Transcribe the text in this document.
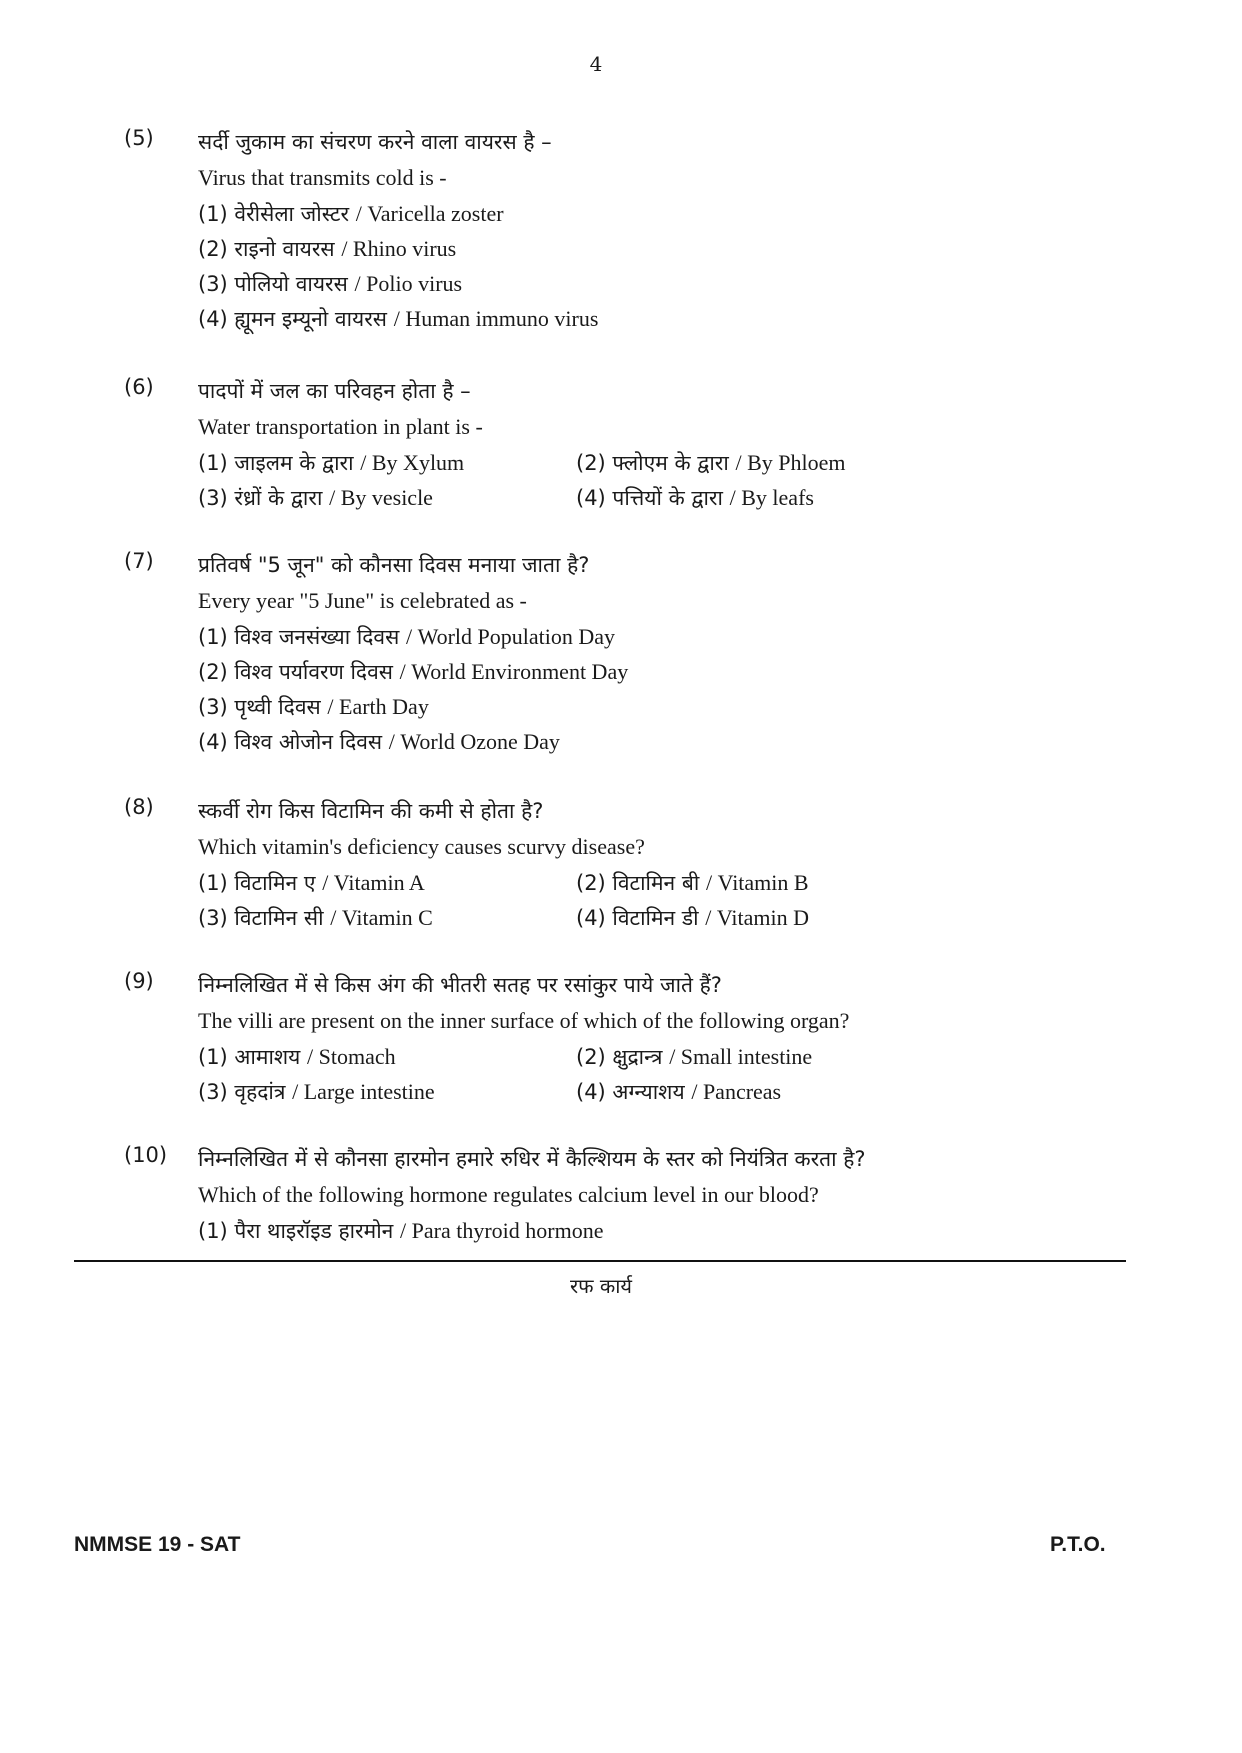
4
(5) सर्दी जुकाम का संचरण करने वाला वायरस है –
Virus that transmits cold is -
(1) वेरीसेला जोस्टर / Varicella zoster
(2) राइनो वायरस / Rhino virus
(3) पोलियो वायरस / Polio virus
(4) ह्यूमन इम्यूनो वायरस / Human immuno virus
(6) पादपों में जल का परिवहन होता है –
Water transportation in plant is -
(1) जाइलम के द्वारा / By Xylum	(2) फ्लोएम के द्वारा / By Phloem
(3) रंध्रों के द्वारा / By vesicle	(4) पत्तियों के द्वारा / By leafs
(7) प्रतिवर्ष "5 जून" को कौनसा दिवस मनाया जाता है?
Every year "5 June" is celebrated as -
(1) विश्व जनसंख्या दिवस / World Population Day
(2) विश्व पर्यावरण दिवस / World Environment Day
(3) पृथ्वी दिवस / Earth Day
(4) विश्व ओजोन दिवस / World Ozone Day
(8) स्कर्वी रोग किस विटामिन की कमी से होता है?
Which vitamin's deficiency causes scurvy disease?
(1) विटामिन ए / Vitamin A	(2) विटामिन बी / Vitamin B
(3) विटामिन सी / Vitamin C	(4) विटामिन डी / Vitamin D
(9) निम्नलिखित में से किस अंग की भीतरी सतह पर रसांकुर पाये जाते हैं?
The villi are present on the inner surface of which of the following organ?
(1) आमाशय / Stomach	(2) क्षुद्रान्त्र / Small intestine
(3) वृहदांत्र / Large intestine	(4) अग्न्याशय / Pancreas
(10) निम्नलिखित में से कौनसा हारमोन हमारे रुधिर में कैल्शियम के स्तर को नियंत्रित करता है?
Which of the following hormone regulates calcium level in our blood?
(1) पैरा थाइरॉइड हारमोन / Para thyroid hormone
रफ कार्य
NMMSE 19 - SAT	P.T.O.
